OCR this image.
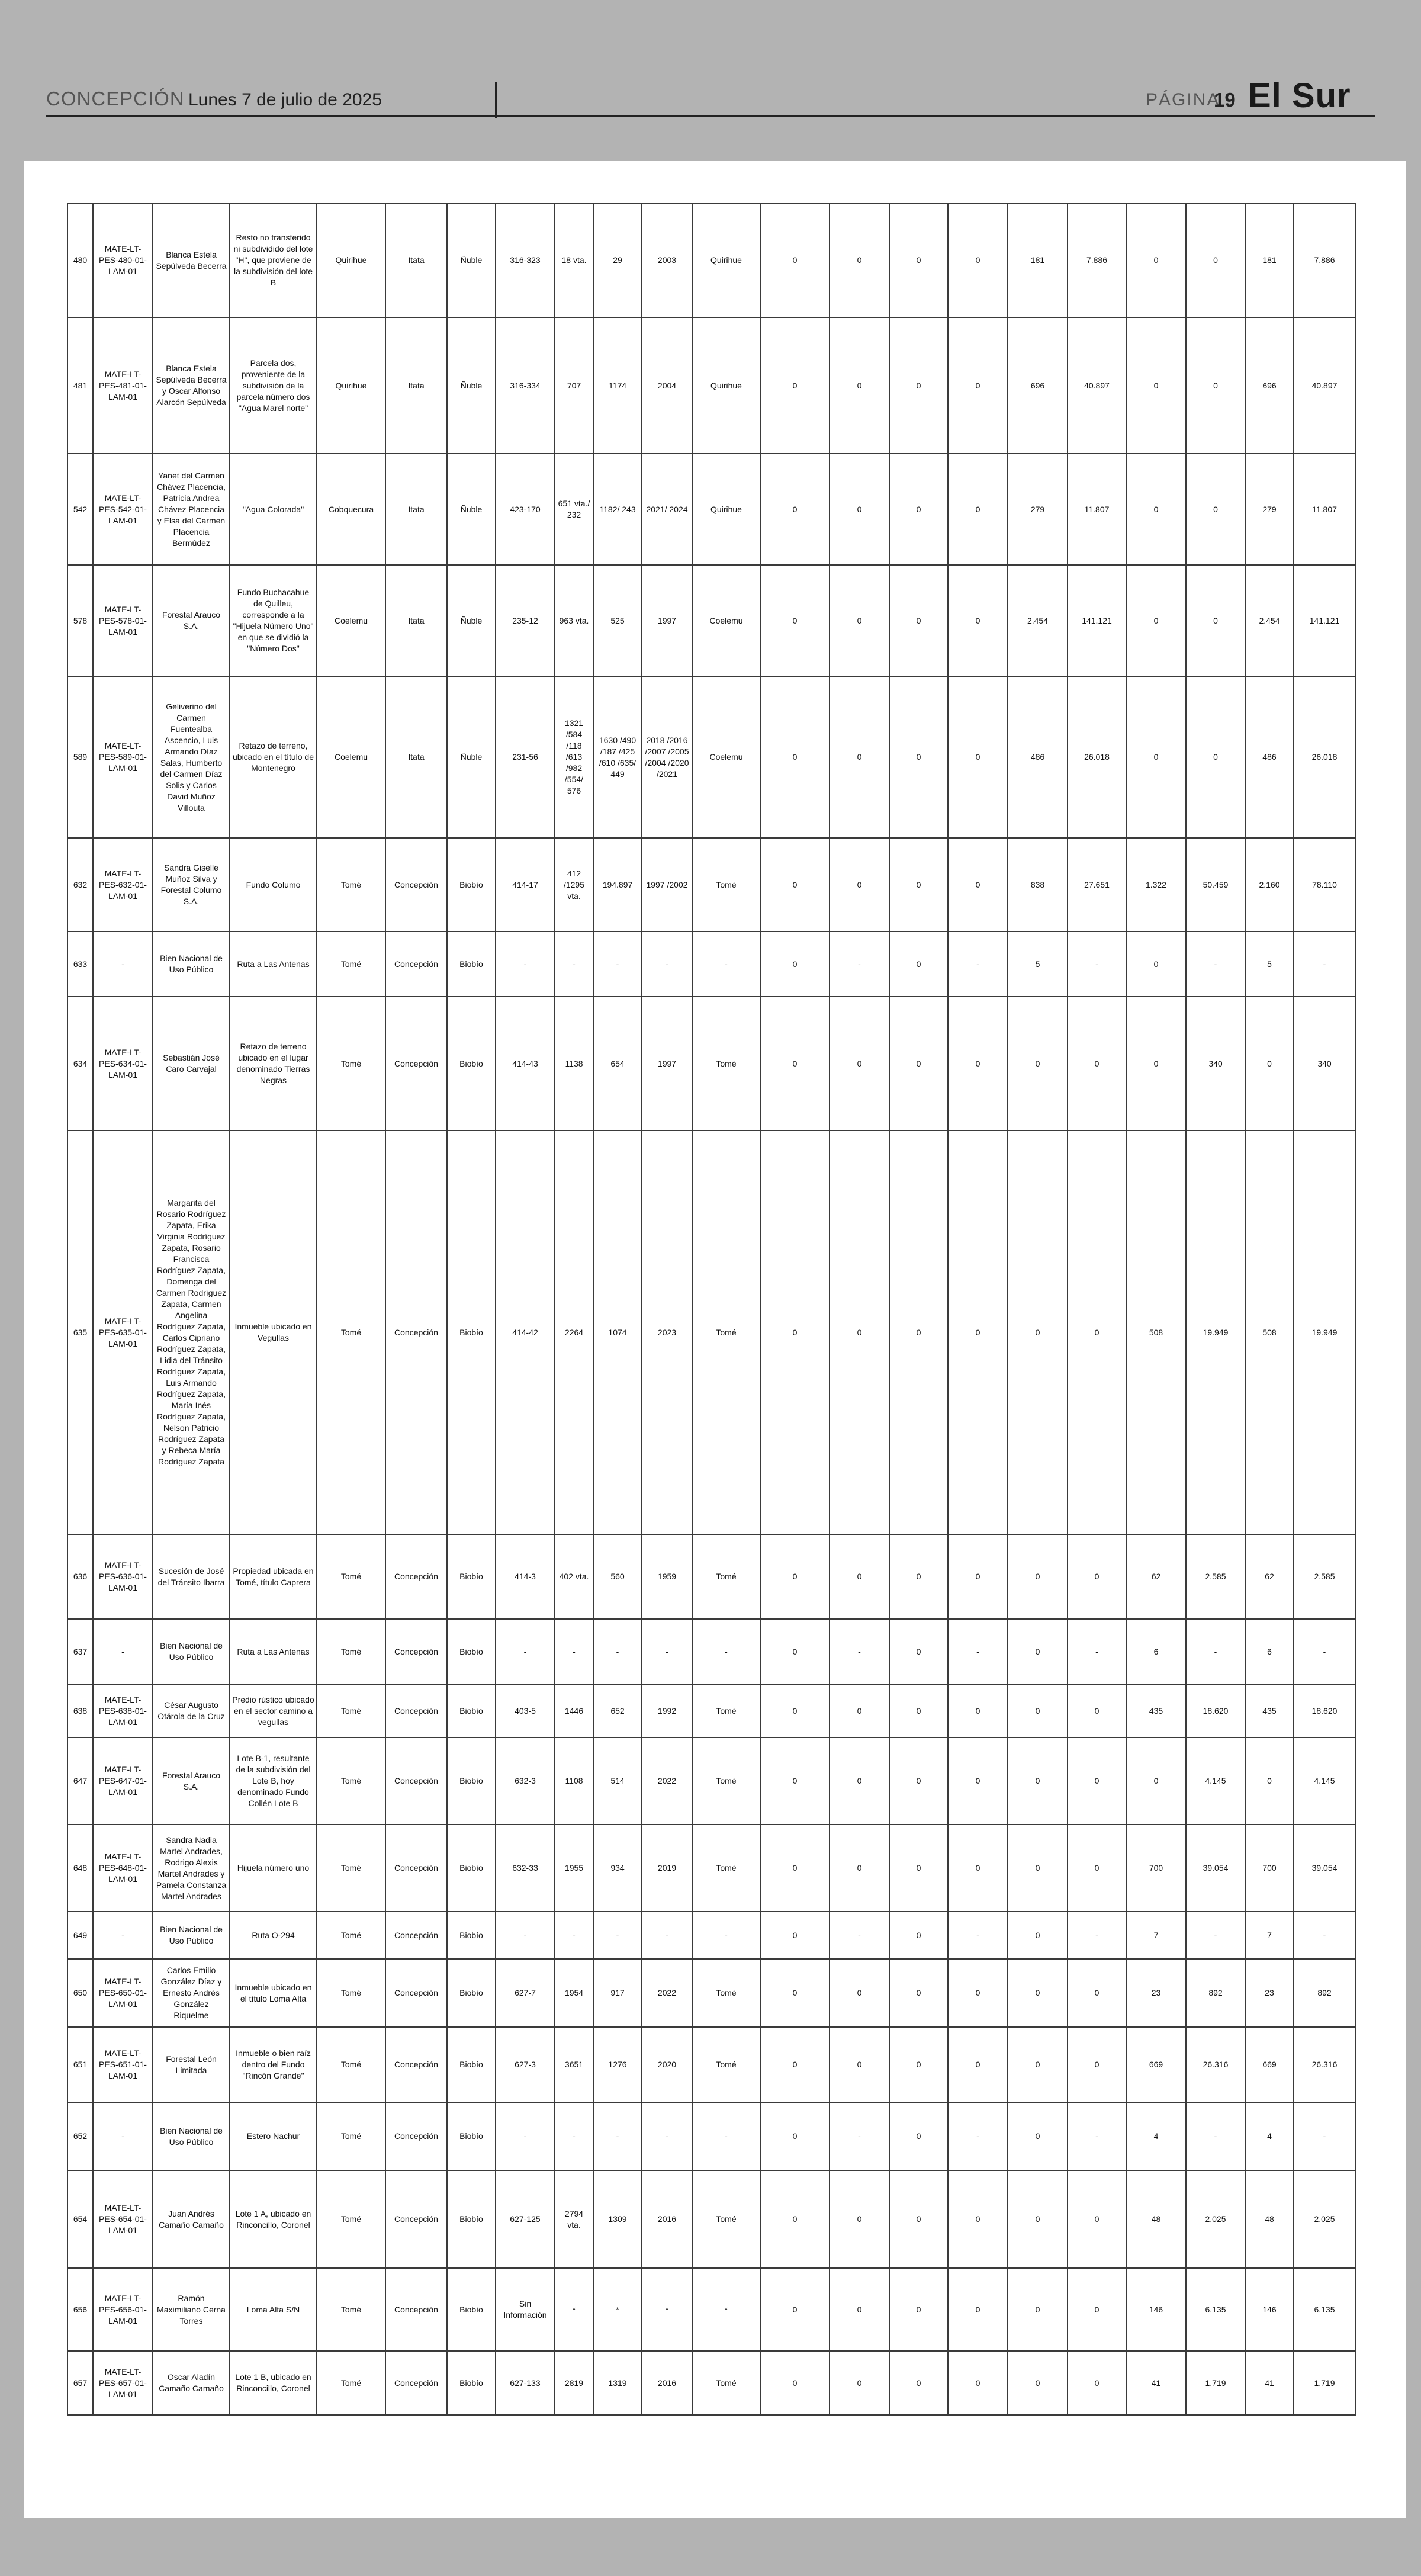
CONCEPCIÓN Lunes 7 de julio de 2025	PÁGINA
19 El Sur
480	MATE-LT-PES-480-01-LAM-01	Blanca Estela Sepúlveda Becerra	Resto no transferido ni subdividido del lote "H", que proviene de la subdivisión del lote B	Quirihue	Itata	Ñuble	316-323	18 vta.	29	2003	Quirihue	0	0	0	0	181	7.886	0	0	181	7.886
481	MATE-LT-PES-481-01-LAM-01	Blanca Estela Sepúlveda Becerra y Oscar Alfonso Alarcón Sepúlveda	Parcela dos, proveniente de la subdivisión de la parcela número dos "Agua Marel norte"	Quirihue	Itata	Ñuble	316-334	707	1174	2004	Quirihue	0	0	0	0	696	40.897	0	0	696	40.897
542	MATE-LT-PES-542-01-LAM-01	Yanet del Carmen Chávez Placencia, Patricia Andrea Chávez Placencia y Elsa del Carmen Placencia Bermúdez	"Agua Colorada"	Cobquecura	Itata	Ñuble	423-170	651 vta./ 232	1182/ 243	2021/ 2024	Quirihue	0	0	0	0	279	11.807	0	0	279	11.807
578	MATE-LT-PES-578-01-LAM-01	Forestal Arauco S.A.	Fundo Buchacahue de Quilleu, corresponde a la "Hijuela Número Uno" en que se dividió la "Número Dos"	Coelemu	Itata	Ñuble	235-12	963 vta.	525	1997	Coelemu	0	0	0	0	2.454	141.121	0	0	2.454	141.121
589	MATE-LT-PES-589-01-LAM-01	Geliverino del Carmen Fuentealba Ascencio, Luis Armando Díaz Salas, Humberto del Carmen Díaz Solis y Carlos David Muñoz Villouta	Retazo de terreno, ubicado en el título de Montenegro	Coelemu	Itata	Ñuble	231-56	1321 /584 /118 /613 /982 /554/ 576	1630 /490 /187 /425 /610 /635/ 449	2018 /2016 /2007 /2005 /2004 /2020 /2021	Coelemu	0	0	0	0	486	26.018	0	0	486	26.018
632	MATE-LT-PES-632-01-LAM-01	Sandra Giselle Muñoz Silva y Forestal Columo S.A.	Fundo Columo	Tomé	Concepción	Biobío	414-17	412 /1295 vta.	194.897	1997 /2002	Tomé	0	0	0	0	838	27.651	1.322	50.459	2.160	78.110
633	-	Bien Nacional de Uso Público	Ruta a Las Antenas	Tomé	Concepción	Biobío	-	-	-	-	-	0	-	0	-	5	-	0	-	5	-
634	MATE-LT-PES-634-01-LAM-01	Sebastián José Caro Carvajal	Retazo de terreno ubicado en el lugar denominado Tierras Negras	Tomé	Concepción	Biobío	414-43	1138	654	1997	Tomé	0	0	0	0	0	0	0	340	0	340
635	MATE-LT-PES-635-01-LAM-01	Margarita del Rosario Rodríguez Zapata, Erika Virginia Rodríguez Zapata, Rosario Francisca Rodríguez Zapata, Domenga del Carmen Rodríguez Zapata, Carmen Angelina Rodríguez Zapata, Carlos Cipriano Rodríguez Zapata, Lidia del Tránsito Rodríguez Zapata, Luis Armando Rodríguez Zapata, María Inés Rodríguez Zapata, Nelson Patricio Rodríguez Zapata y Rebeca María Rodríguez Zapata	Inmueble ubicado en Vegullas	Tomé	Concepción	Biobío	414-42	2264	1074	2023	Tomé	0	0	0	0	0	0	508	19.949	508	19.949
636	MATE-LT-PES-636-01-LAM-01	Sucesión de José del Tránsito Ibarra	Propiedad ubicada en Tomé, título Caprera	Tomé	Concepción	Biobío	414-3	402 vta.	560	1959	Tomé	0	0	0	0	0	0	62	2.585	62	2.585
637	-	Bien Nacional de Uso Público	Ruta a Las Antenas	Tomé	Concepción	Biobío	-	-	-	-	-	0	-	0	-	0	-	6	-	6	-
638	MATE-LT-PES-638-01-LAM-01	César Augusto Otárola de la Cruz	Predio rústico ubicado en el sector camino a vegullas	Tomé	Concepción	Biobío	403-5	1446	652	1992	Tomé	0	0	0	0	0	0	435	18.620	435	18.620
647	MATE-LT-PES-647-01-LAM-01	Forestal Arauco S.A.	Lote B-1, resultante de la subdivisión del Lote B, hoy denominado Fundo Collén Lote B	Tomé	Concepción	Biobío	632-3	1108	514	2022	Tomé	0	0	0	0	0	0	0	4.145	0	4.145
648	MATE-LT-PES-648-01-LAM-01	Sandra Nadia Martel Andrades, Rodrigo Alexis Martel Andrades y Pamela Constanza Martel Andrades	Hijuela número uno	Tomé	Concepción	Biobío	632-33	1955	934	2019	Tomé	0	0	0	0	0	0	700	39.054	700	39.054
649	-	Bien Nacional de Uso Público	Ruta O-294	Tomé	Concepción	Biobío	-	-	-	-	-	0	-	0	-	0	-	7	-	7	-
650	MATE-LT-PES-650-01-LAM-01	Carlos Emilio González Díaz y Ernesto Andrés González Riquelme	Inmueble ubicado en el título Loma Alta	Tomé	Concepción	Biobío	627-7	1954	917	2022	Tomé	0	0	0	0	0	0	23	892	23	892
651	MATE-LT-PES-651-01-LAM-01	Forestal León Limitada	Inmueble o bien raíz dentro del Fundo "Rincón Grande"	Tomé	Concepción	Biobío	627-3	3651	1276	2020	Tomé	0	0	0	0	0	0	669	26.316	669	26.316
652	-	Bien Nacional de Uso Público	Estero Nachur	Tomé	Concepción	Biobío	-	-	-	-	-	0	-	0	-	0	-	4	-	4	-
654	MATE-LT-PES-654-01-LAM-01	Juan Andrés Camaño Camaño	Lote 1 A, ubicado en Rinconcillo, Coronel	Tomé	Concepción	Biobío	627-125	2794 vta.	1309	2016	Tomé	0	0	0	0	0	0	48	2.025	48	2.025
656	MATE-LT-PES-656-01-LAM-01	Ramón Maximiliano Cerna Torres	Loma Alta S/N	Tomé	Concepción	Biobío	Sin Información	*	*	*	*	0	0	0	0	0	0	146	6.135	146	6.135
657	MATE-LT-PES-657-01-LAM-01	Oscar Aladín Camaño Camaño	Lote 1 B, ubicado en Rinconcillo, Coronel	Tomé	Concepción	Biobío	627-133	2819	1319	2016	Tomé	0	0	0	0	0	0	41	1.719	41	1.719
